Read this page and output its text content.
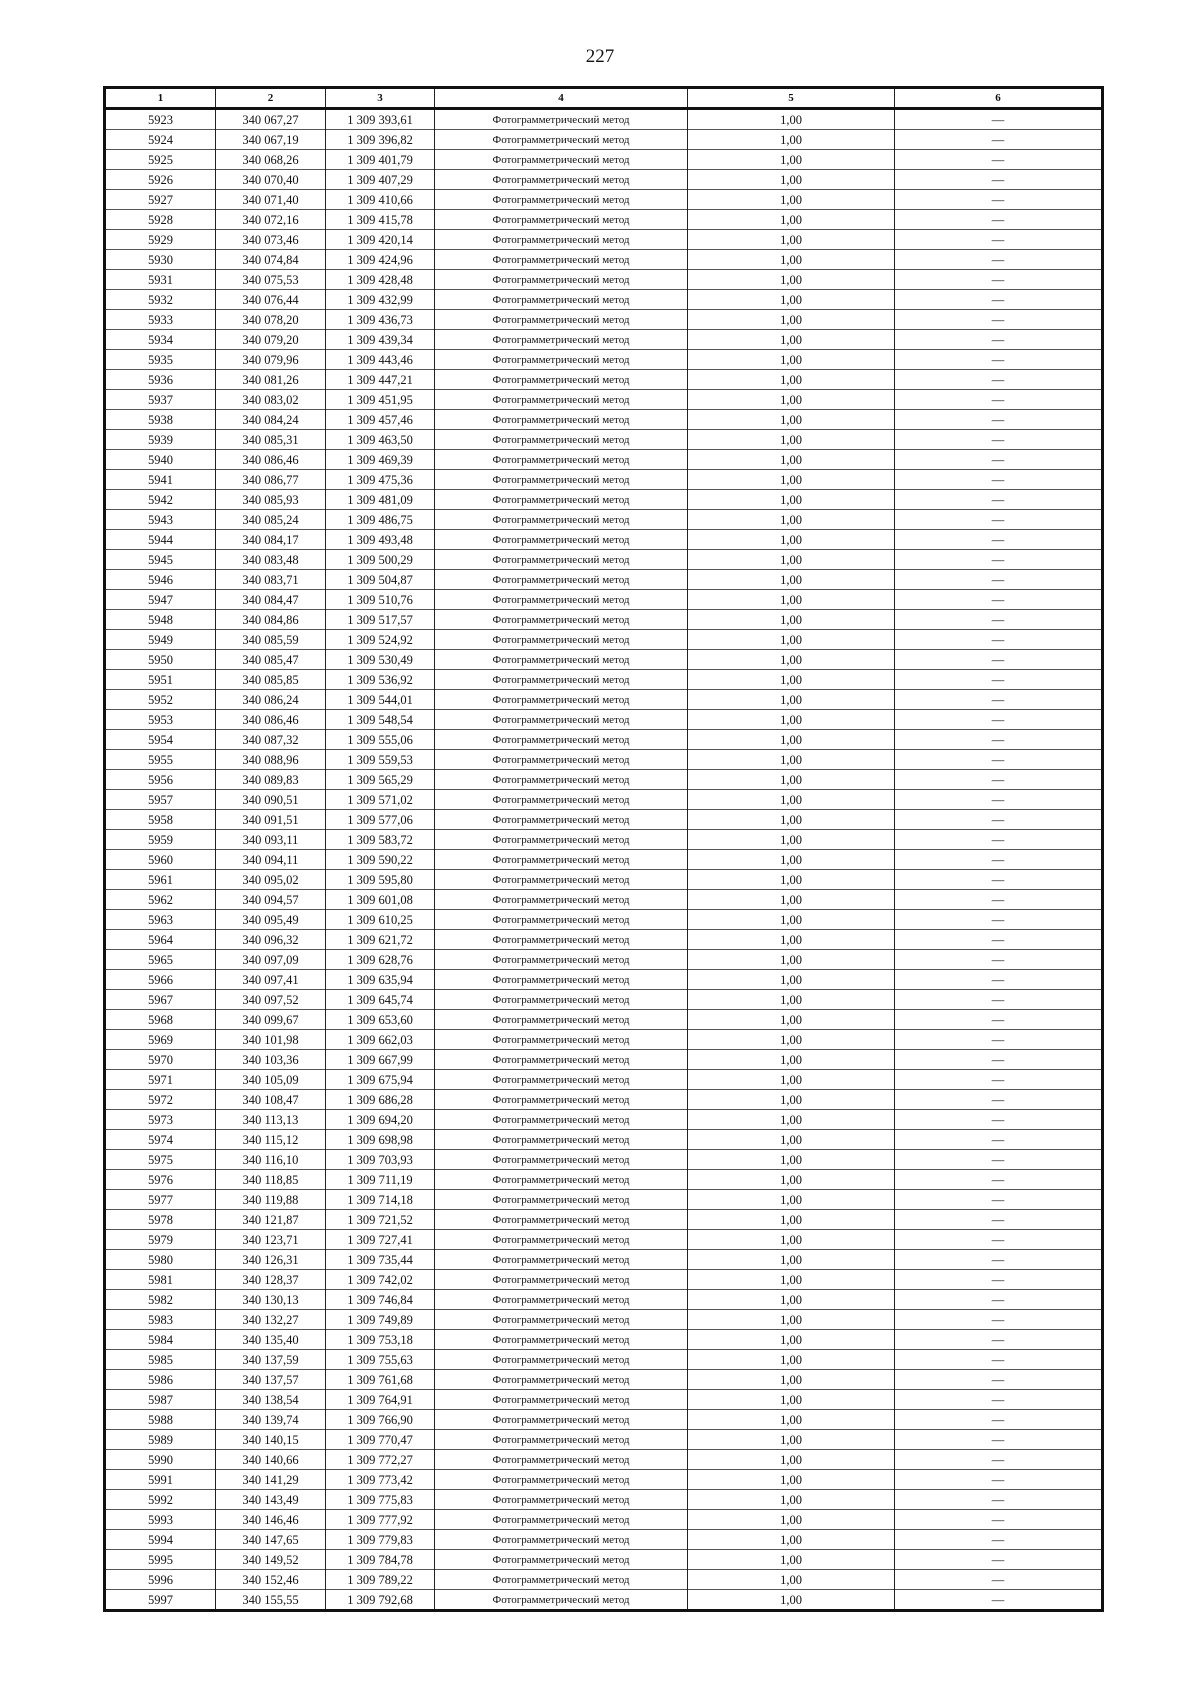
227
1	2	3	4	5	6
5923	340 067,27	1 309 393,61	Фотограмметрический метод	1,00	—
5924	340 067,19	1 309 396,82	Фотограмметрический метод	1,00	—
5925	340 068,26	1 309 401,79	Фотограмметрический метод	1,00	—
5926	340 070,40	1 309 407,29	Фотограмметрический метод	1,00	—
5927	340 071,40	1 309 410,66	Фотограмметрический метод	1,00	—
5928	340 072,16	1 309 415,78	Фотограмметрический метод	1,00	—
5929	340 073,46	1 309 420,14	Фотограмметрический метод	1,00	—
5930	340 074,84	1 309 424,96	Фотограмметрический метод	1,00	—
5931	340 075,53	1 309 428,48	Фотограмметрический метод	1,00	—
5932	340 076,44	1 309 432,99	Фотограмметрический метод	1,00	—
5933	340 078,20	1 309 436,73	Фотограмметрический метод	1,00	—
5934	340 079,20	1 309 439,34	Фотограмметрический метод	1,00	—
5935	340 079,96	1 309 443,46	Фотограмметрический метод	1,00	—
5936	340 081,26	1 309 447,21	Фотограмметрический метод	1,00	—
5937	340 083,02	1 309 451,95	Фотограмметрический метод	1,00	—
5938	340 084,24	1 309 457,46	Фотограмметрический метод	1,00	—
5939	340 085,31	1 309 463,50	Фотограмметрический метод	1,00	—
5940	340 086,46	1 309 469,39	Фотограмметрический метод	1,00	—
5941	340 086,77	1 309 475,36	Фотограмметрический метод	1,00	—
5942	340 085,93	1 309 481,09	Фотограмметрический метод	1,00	—
5943	340 085,24	1 309 486,75	Фотограмметрический метод	1,00	—
5944	340 084,17	1 309 493,48	Фотограмметрический метод	1,00	—
5945	340 083,48	1 309 500,29	Фотограмметрический метод	1,00	—
5946	340 083,71	1 309 504,87	Фотограмметрический метод	1,00	—
5947	340 084,47	1 309 510,76	Фотограмметрический метод	1,00	—
5948	340 084,86	1 309 517,57	Фотограмметрический метод	1,00	—
5949	340 085,59	1 309 524,92	Фотограмметрический метод	1,00	—
5950	340 085,47	1 309 530,49	Фотограмметрический метод	1,00	—
5951	340 085,85	1 309 536,92	Фотограмметрический метод	1,00	—
5952	340 086,24	1 309 544,01	Фотограмметрический метод	1,00	—
5953	340 086,46	1 309 548,54	Фотограмметрический метод	1,00	—
5954	340 087,32	1 309 555,06	Фотограмметрический метод	1,00	—
5955	340 088,96	1 309 559,53	Фотограмметрический метод	1,00	—
5956	340 089,83	1 309 565,29	Фотограмметрический метод	1,00	—
5957	340 090,51	1 309 571,02	Фотограмметрический метод	1,00	—
5958	340 091,51	1 309 577,06	Фотограмметрический метод	1,00	—
5959	340 093,11	1 309 583,72	Фотограмметрический метод	1,00	—
5960	340 094,11	1 309 590,22	Фотограмметрический метод	1,00	—
5961	340 095,02	1 309 595,80	Фотограмметрический метод	1,00	—
5962	340 094,57	1 309 601,08	Фотограмметрический метод	1,00	—
5963	340 095,49	1 309 610,25	Фотограмметрический метод	1,00	—
5964	340 096,32	1 309 621,72	Фотограмметрический метод	1,00	—
5965	340 097,09	1 309 628,76	Фотограмметрический метод	1,00	—
5966	340 097,41	1 309 635,94	Фотограмметрический метод	1,00	—
5967	340 097,52	1 309 645,74	Фотограмметрический метод	1,00	—
5968	340 099,67	1 309 653,60	Фотограмметрический метод	1,00	—
5969	340 101,98	1 309 662,03	Фотограмметрический метод	1,00	—
5970	340 103,36	1 309 667,99	Фотограмметрический метод	1,00	—
5971	340 105,09	1 309 675,94	Фотограмметрический метод	1,00	—
5972	340 108,47	1 309 686,28	Фотограмметрический метод	1,00	—
5973	340 113,13	1 309 694,20	Фотограмметрический метод	1,00	—
5974	340 115,12	1 309 698,98	Фотограмметрический метод	1,00	—
5975	340 116,10	1 309 703,93	Фотограмметрический метод	1,00	—
5976	340 118,85	1 309 711,19	Фотограмметрический метод	1,00	—
5977	340 119,88	1 309 714,18	Фотограмметрический метод	1,00	—
5978	340 121,87	1 309 721,52	Фотограмметрический метод	1,00	—
5979	340 123,71	1 309 727,41	Фотограмметрический метод	1,00	—
5980	340 126,31	1 309 735,44	Фотограмметрический метод	1,00	—
5981	340 128,37	1 309 742,02	Фотограмметрический метод	1,00	—
5982	340 130,13	1 309 746,84	Фотограмметрический метод	1,00	—
5983	340 132,27	1 309 749,89	Фотограмметрический метод	1,00	—
5984	340 135,40	1 309 753,18	Фотограмметрический метод	1,00	—
5985	340 137,59	1 309 755,63	Фотограмметрический метод	1,00	—
5986	340 137,57	1 309 761,68	Фотограмметрический метод	1,00	—
5987	340 138,54	1 309 764,91	Фотограмметрический метод	1,00	—
5988	340 139,74	1 309 766,90	Фотограмметрический метод	1,00	—
5989	340 140,15	1 309 770,47	Фотограмметрический метод	1,00	—
5990	340 140,66	1 309 772,27	Фотограмметрический метод	1,00	—
5991	340 141,29	1 309 773,42	Фотограмметрический метод	1,00	—
5992	340 143,49	1 309 775,83	Фотограмметрический метод	1,00	—
5993	340 146,46	1 309 777,92	Фотограмметрический метод	1,00	—
5994	340 147,65	1 309 779,83	Фотограмметрический метод	1,00	—
5995	340 149,52	1 309 784,78	Фотограмметрический метод	1,00	—
5996	340 152,46	1 309 789,22	Фотограмметрический метод	1,00	—
5997	340 155,55	1 309 792,68	Фотограмметрический метод	1,00	—
